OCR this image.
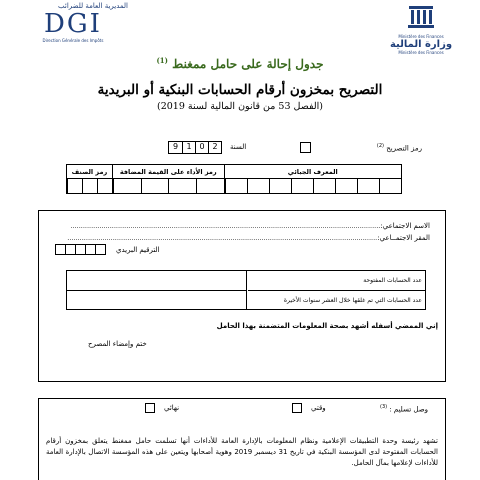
المديرية العامة للضرائب
DGI
Direction Générale des Impôts
Ministère des Finances
وزارة المالية
Ministère des Finances
جدول إحالة على حامل ممغنط $^{(1)}$
التصريح بمخزون أرقام الحسابات البنكية أو البريدية
(الفصل 53 من قانون المالية لسنة 2019)
رمز التصريح $^{(2)}$
السنة
9	1 0 2
رمز الصنف	رمز الأداء على القيمة المضافة	المعرف الجبائي

الاسم الاجتماعي:
......................................................................................................................................................
المقر الاجتمــاعي:
......................................................................................................................................................
الترقيم البريدي
عدد الحسابات المفتوحة
عدد الحسابات التي تم غلقها خلال العشر سنوات الأخيرة
إني الممضي أسفله أشهد بصحة المعلومات المتضمنة بهذا الحامل
ختم وإمضاء المصرح
وصل تسليم : $^{(3)}$
وقتي
نهائي
تشهد رئيسة وحدة التطبيقات الإعلامية ونظام المعلومات بالإدارة العامة للأداءات أنها تسلمت حامل ممغنط يتعلق بمخزون أرقام الحسابات المفتوحة لدى المؤسسة البنكية في تاريخ 31 ديسمبر 2019 وهوية أصحابها ويتعين على هذه المؤسسة الاتصال بالإدارة العامة للأداءات لإعلامها بمآل الحامل.
